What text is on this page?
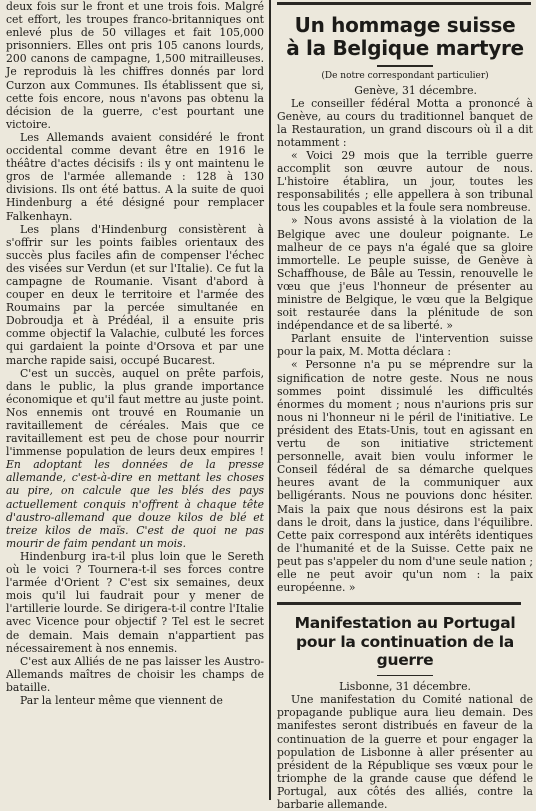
deux fois sur le front et une trois fois. Malgré cet effort, les troupes franco-britanniques ont enlevé plus de 50 villages et fait 105,000 prisonniers. Elles ont pris 105 canons lourds, 200 canons de campagne, 1,500 mitrailleuses. Je reproduis là les chiffres donnés par lord Curzon aux Communes. Ils établissent que si, cette fois encore, nous n'avons pas obtenu la décision de la guerre, c'est pourtant une victoire.

Les Allemands avaient considéré le front occidental comme devant être en 1916 le théâtre d'actes décisifs : ils y ont maintenu le gros de l'armée allemande : 128 à 130 divisions. Ils ont été battus. A la suite de quoi Hindenburg a été désigné pour remplacer Falkenhayn.

Les plans d'Hindenburg consistèrent à s'offrir sur les points faibles orientaux des succès plus faciles afin de compenser l'échec des visées sur Verdun (et sur l'Italie). Ce fut la campagne de Roumanie. Visant d'abord à couper en deux le territoire et l'armée des Roumains par la percée simultanée en Dobroudja et à Prédéal, il a ensuite pris comme objectif la Valachie, culbuté les forces qui gardaient la pointe d'Orsova et par une marche rapide saisi, occupé Bucarest.

C'est un succès, auquel on prête parfois, dans le public, la plus grande importance économique et qu'il faut mettre au juste point. Nos ennemis ont trouvé en Roumanie un ravitaillement de céréales. Mais que ce ravitaillement est peu de chose pour nourrir l'immense population de leurs deux empires ! En adoptant les données de la presse allemande, c'est-à-dire en mettant les choses au pire, on calcule que les blés des pays actuellement conquis n'offrent à chaque tête d'austro-allemand que douze kilos de blé et treize kilos de maïs. C'est de quoi ne pas mourir de faim pendant un mois.

Hindenburg ira-t-il plus loin que le Sereth où le voici ? Tournera-t-il ses forces contre l'armée d'Orient ? C'est six semaines, deux mois qu'il lui faudrait pour y mener de l'artillerie lourde. Se dirigera-t-il contre l'Italie avec Vicence pour objectif ? Tel est le secret de demain. Mais demain n'appartient pas nécessairement à nos ennemis.

C'est aux Alliés de ne pas laisser les Austro-Allemands maîtres de choisir les champs de bataille.

Par la lenteur même que viennent de

Un hommage suisse
à la Belgique martyre
(De notre correspondant particulier)

Genève, 31 décembre.

Le conseiller fédéral Motta a prononcé à Genève, au cours du traditionnel banquet de la Restauration, un grand discours où il a dit notamment :

« Voici 29 mois que la terrible guerre accomplit son œuvre autour de nous. L'histoire établira, un jour, toutes les responsabilités ; elle appellera à son tribunal tous les coupables et la foule sera nombreuse.

» Nous avons assisté à la violation de la Belgique avec une douleur poignante. Le malheur de ce pays n'a égalé que sa gloire immortelle. Le peuple suisse, de Genève à Schaffhouse, de Bâle au Tessin, renouvelle le vœu que j'eus l'honneur de présenter au ministre de Belgique, le vœu que la Belgique soit restaurée dans la plénitude de son indépendance et de sa liberté. »

Parlant ensuite de l'intervention suisse pour la paix, M. Motta déclara :

« Personne n'a pu se méprendre sur la signification de notre geste. Nous ne nous sommes point dissimulé les difficultés énormes du moment ; nous n'aurions pris sur nous ni l'honneur ni le péril de l'initiative. Le président des Etats-Unis, tout en agissant en vertu de son initiative strictement personnelle, avait bien voulu informer le Conseil fédéral de sa démarche quelques heures avant de la communiquer aux belligérants. Nous ne pouvions donc hésiter. Mais la paix que nous désirons est la paix dans le droit, dans la justice, dans l'équilibre. Cette paix correspond aux intérêts identiques de l'humanité et de la Suisse. Cette paix ne peut pas s'appeler du nom d'une seule nation ; elle ne peut avoir qu'un nom : la paix européenne. »

Manifestation au Portugal
pour la continuation de la guerre

Lisbonne, 31 décembre.

Une manifestation du Comité national de propagande publique aura lieu demain. Des manifestes seront distribués en faveur de la continuation de la guerre et pour engager la population de Lisbonne à aller présenter au président de la République ses vœux pour le triomphe de la grande cause que défend le Portugal, aux côtés des alliés, contre la barbarie allemande.
